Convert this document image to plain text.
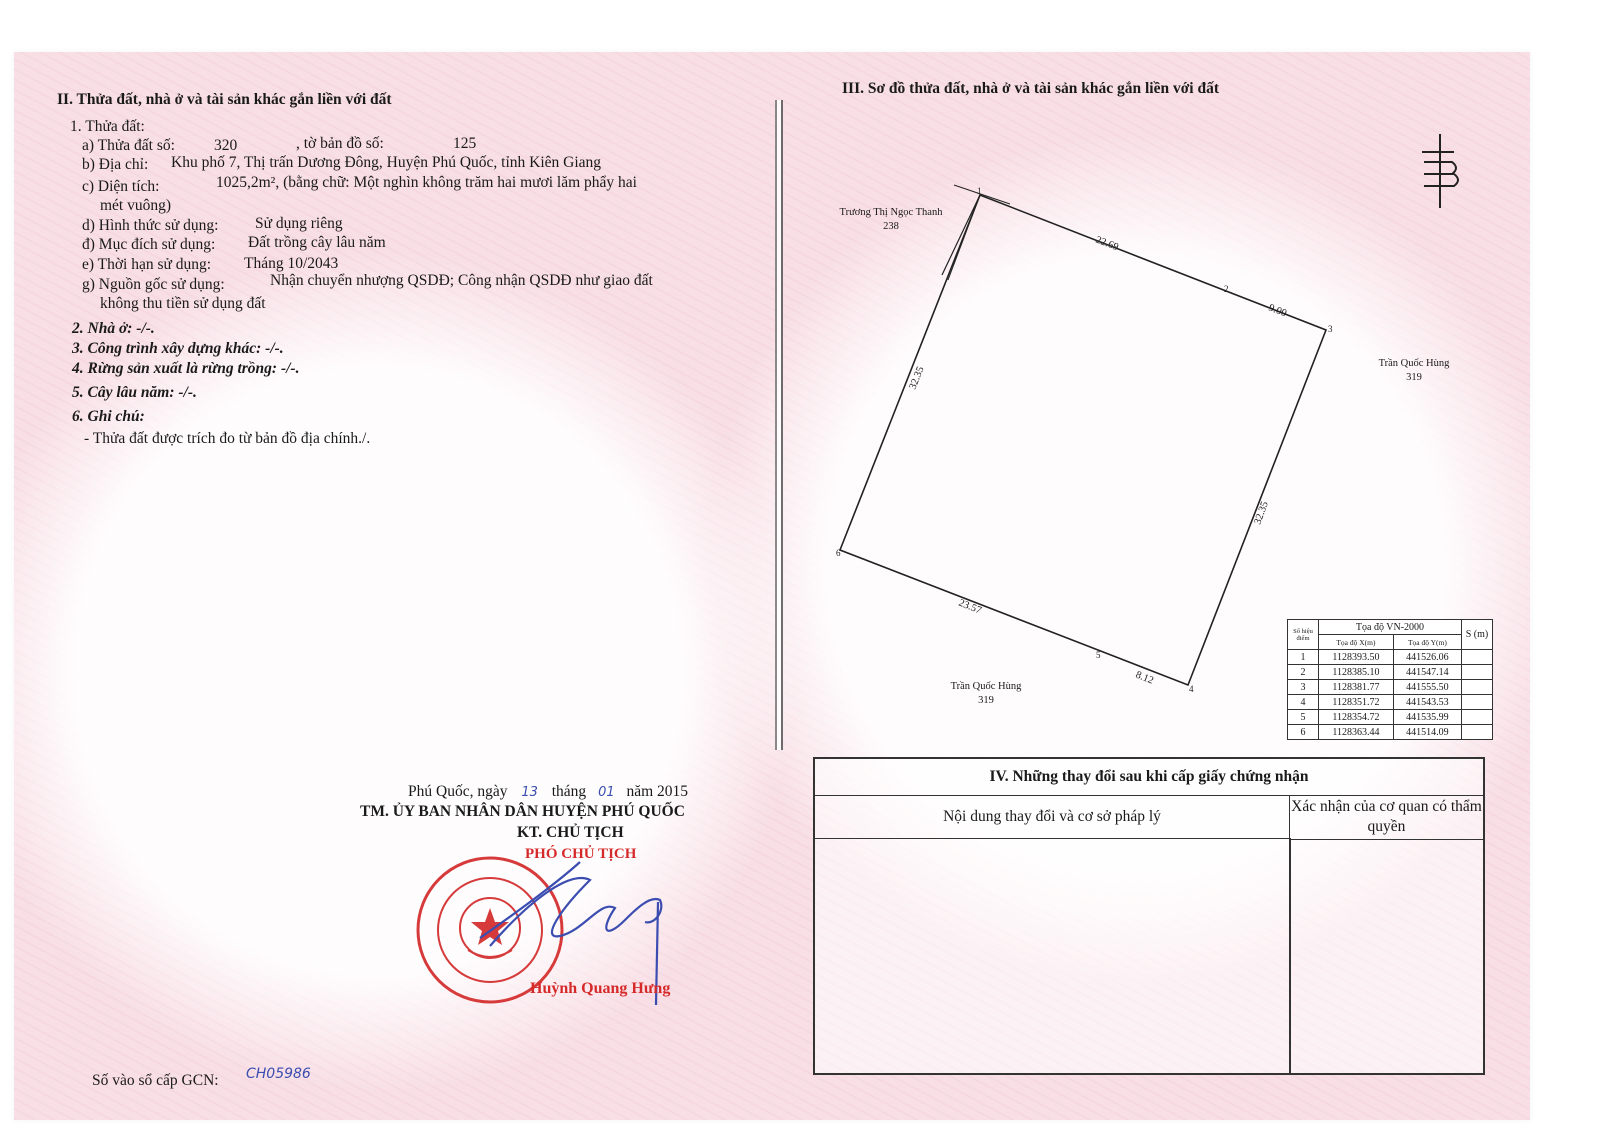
II. Thửa đất, nhà ở và tài sản khác gắn liền với đất
1. Thửa đất:
a) Thửa đất số:	320	, tờ bản đồ số:	125
b) Địa chỉ: Khu phố 7, Thị trấn Dương Đông, Huyện Phú Quốc, tỉnh Kiên Giang
c) Diện tích:	1025,2m², (bằng chữ: Một nghìn không trăm hai mươi lăm phẩy hai
mét vuông)
d) Hình thức sử dụng: Sử dụng riêng
đ) Mục đích sử dụng: Đất trồng cây lâu năm
e) Thời hạn sử dụng: Tháng 10/2043
g) Nguồn gốc sử dụng:	Nhận chuyển nhượng QSDĐ; Công nhận QSDĐ như giao đất
không thu tiền sử dụng đất
2. Nhà ở: -/-.
3. Công trình xây dựng khác: -/-.
4. Rừng sản xuất là rừng trồng: -/-.
5. Cây lâu năm: -/-.
6. Ghi chú:
- Thửa đất được trích đo từ bản đồ địa chính./.
Phú Quốc, ngày 13 tháng 01 năm 2015
TM. ỦY BAN NHÂN DÂN HUYỆN PHÚ QUỐC
KT. CHỦ TỊCH
PHÓ CHỦ TỊCH
Huỳnh Quang Hưng
Số vào sổ cấp GCN: CH05986
III. Sơ đồ thửa đất, nhà ở và tài sản khác gắn liền với đất
1
2
3
4
5
6
22.69
9.00
32.35
8.12
23.57
32.35
Trương Thị Ngọc Thanh
238
Trần Quốc Hùng
319
Trần Quốc Hùng
319
Số hiệu điểm	Tọa độ VN-2000		S (m)
	Tọa độ X(m)	Tọa độ Y(m)	
1	1128393.50	441526.06	
2	1128385.10	441547.14	
3	1128381.77	441555.50	
4	1128351.72	441543.53	
5	1128354.72	441535.99	
6	1128363.44	441514.09	
IV. Những thay đổi sau khi cấp giấy chứng nhận
Nội dung thay đổi và cơ sở pháp lý
Xác nhận của cơ quan có thẩm quyền
